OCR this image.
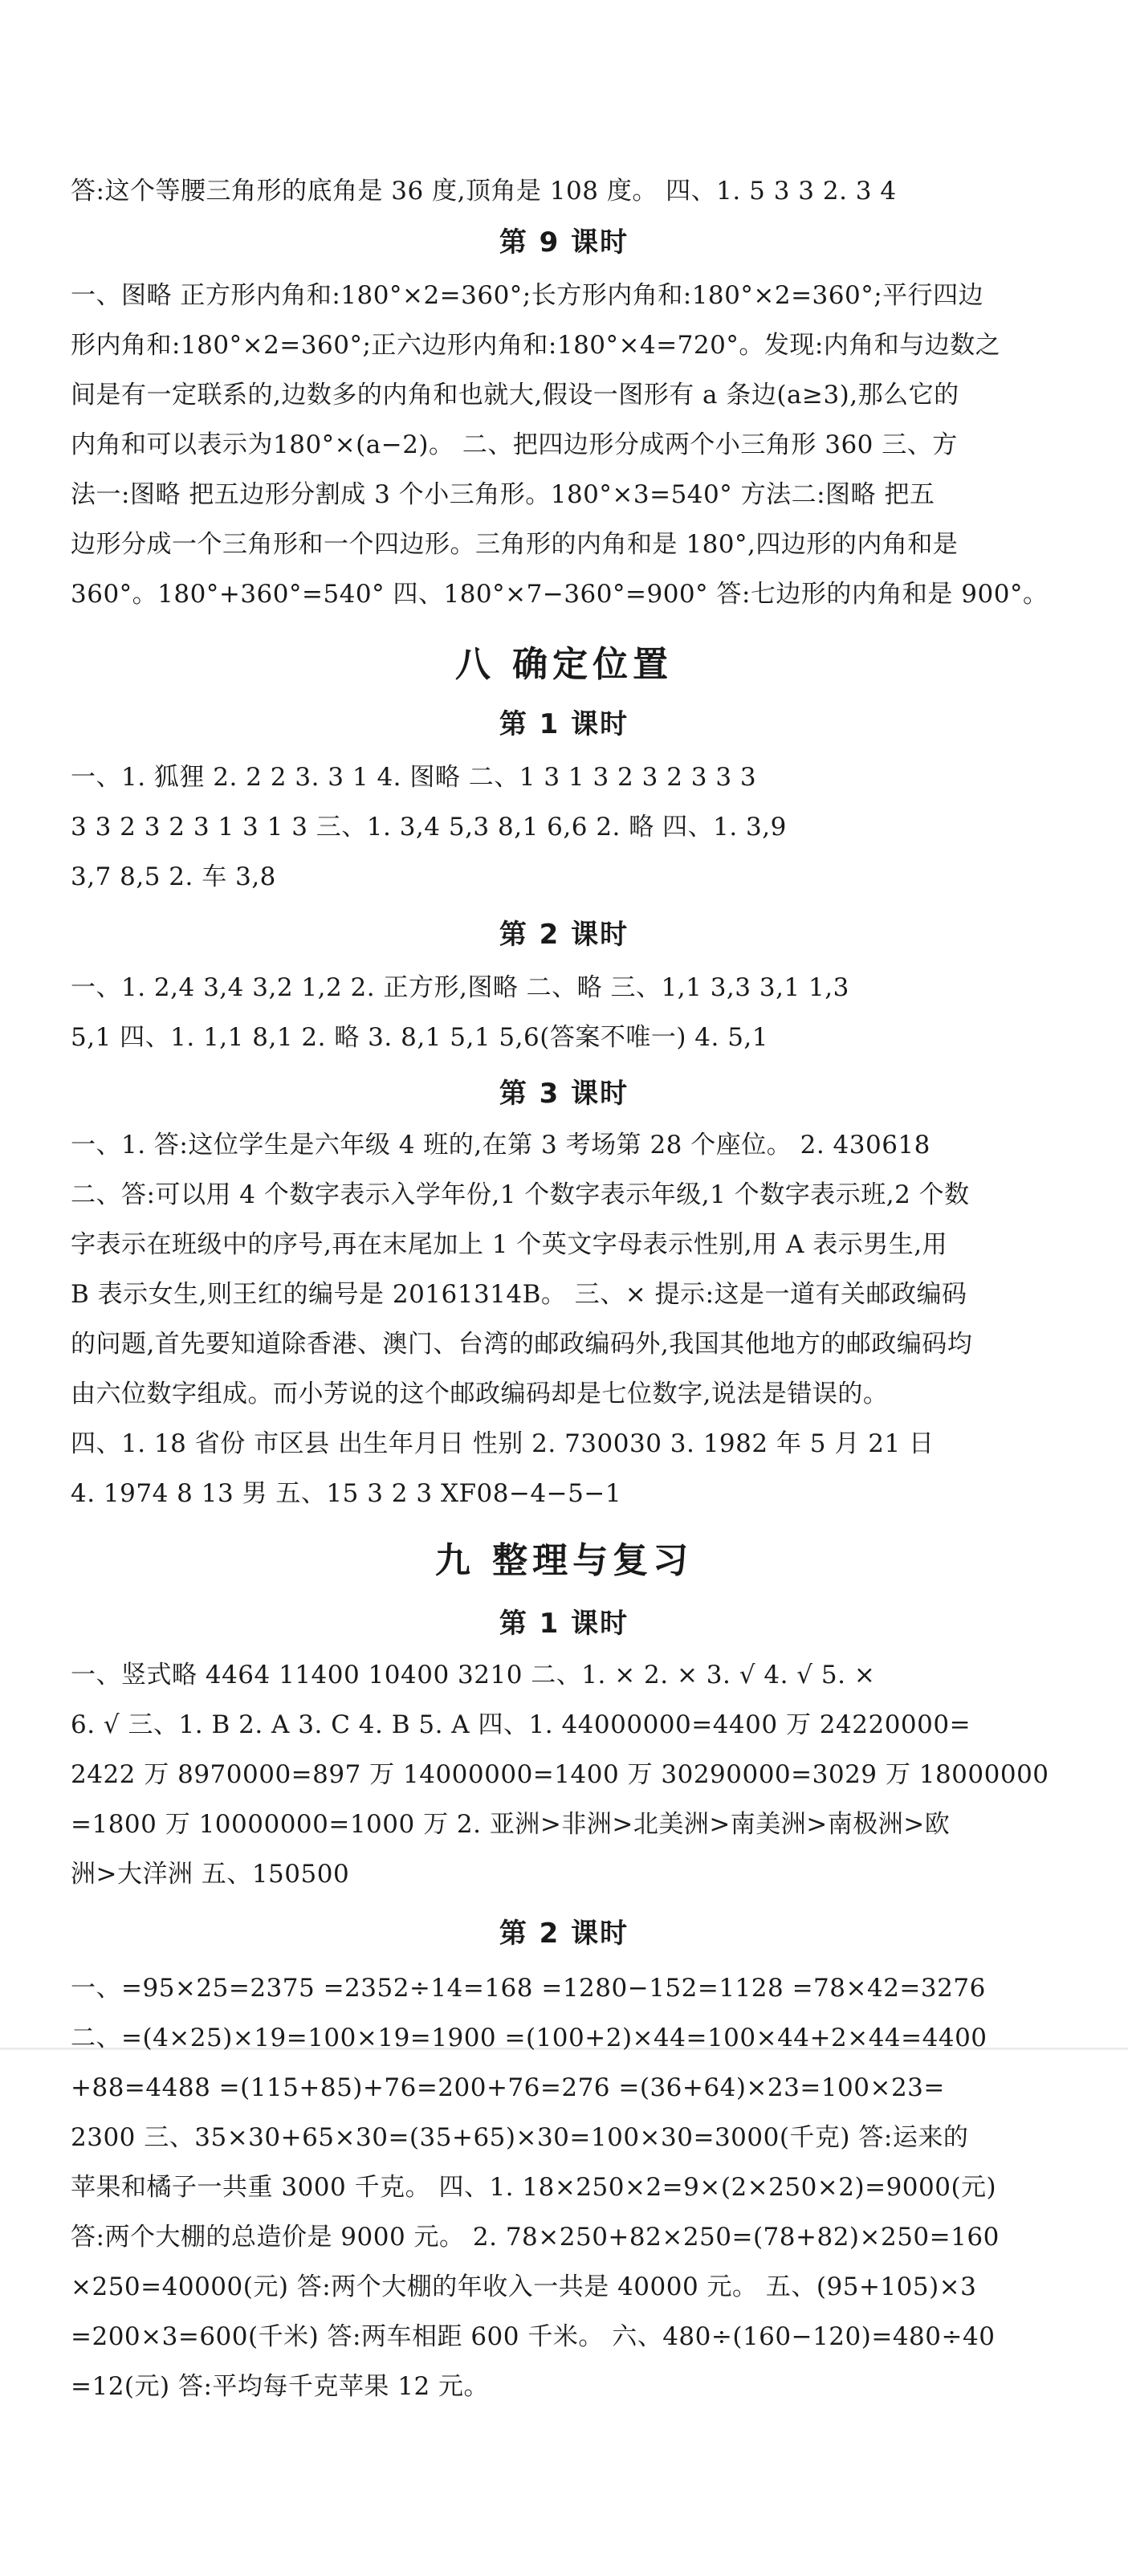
答:这个等腰三角形的底角是 36 度,顶角是 108 度。 四、1. 5 3 3 2. 3 4
第 9 课时
一、图略 正方形内角和:180°×2=360°;长方形内角和:180°×2=360°;平行四边
形内角和:180°×2=360°;正六边形内角和:180°×4=720°。发现:内角和与边数之
间是有一定联系的,边数多的内角和也就大,假设一图形有 a 条边(a≥3),那么它的
内角和可以表示为180°×(a−2)。 二、把四边形分成两个小三角形 360 三、方
法一:图略 把五边形分割成 3 个小三角形。180°×3=540° 方法二:图略 把五
边形分成一个三角形和一个四边形。三角形的内角和是 180°,四边形的内角和是
360°。180°+360°=540° 四、180°×7−360°=900° 答:七边形的内角和是 900°。
八 确定位置
第 1 课时
一、1. 狐狸 2. 2 2 3. 3 1 4. 图略 二、1 3 1 3 2 3 2 3 3 3
3 3 2 3 2 3 1 3 1 3 三、1. 3,4 5,3 8,1 6,6 2. 略 四、1. 3,9
3,7 8,5 2. 车 3,8
第 2 课时
一、1. 2,4 3,4 3,2 1,2 2. 正方形,图略 二、略 三、1,1 3,3 3,1 1,3
5,1 四、1. 1,1 8,1 2. 略 3. 8,1 5,1 5,6(答案不唯一) 4. 5,1
第 3 课时
一、1. 答:这位学生是六年级 4 班的,在第 3 考场第 28 个座位。 2. 430618
二、答:可以用 4 个数字表示入学年份,1 个数字表示年级,1 个数字表示班,2 个数
字表示在班级中的序号,再在末尾加上 1 个英文字母表示性别,用 A 表示男生,用
B 表示女生,则王红的编号是 20161314B。 三、× 提示:这是一道有关邮政编码
的问题,首先要知道除香港、澳门、台湾的邮政编码外,我国其他地方的邮政编码均
由六位数字组成。而小芳说的这个邮政编码却是七位数字,说法是错误的。
四、1. 18 省份 市区县 出生年月日 性别 2. 730030 3. 1982 年 5 月 21 日
4. 1974 8 13 男 五、15 3 2 3 XF08−4−5−1
九 整理与复习
第 1 课时
一、竖式略 4464 11400 10400 3210 二、1. × 2. × 3. √ 4. √ 5. ×
6. √ 三、1. B 2. A 3. C 4. B 5. A 四、1. 44000000=4400 万 24220000=
2422 万 8970000=897 万 14000000=1400 万 30290000=3029 万 18000000
=1800 万 10000000=1000 万 2. 亚洲>非洲>北美洲>南美洲>南极洲>欧
洲>大洋洲 五、150500
第 2 课时
一、=95×25=2375 =2352÷14=168 =1280−152=1128 =78×42=3276
二、=(4×25)×19=100×19=1900 =(100+2)×44=100×44+2×44=4400
+88=4488 =(115+85)+76=200+76=276 =(36+64)×23=100×23=
2300 三、35×30+65×30=(35+65)×30=100×30=3000(千克) 答:运来的
苹果和橘子一共重 3000 千克。 四、1. 18×250×2=9×(2×250×2)=9000(元)
答:两个大棚的总造价是 9000 元。 2. 78×250+82×250=(78+82)×250=160
×250=40000(元) 答:两个大棚的年收入一共是 40000 元。 五、(95+105)×3
=200×3=600(千米) 答:两车相距 600 千米。 六、480÷(160−120)=480÷40
=12(元) 答:平均每千克苹果 12 元。
